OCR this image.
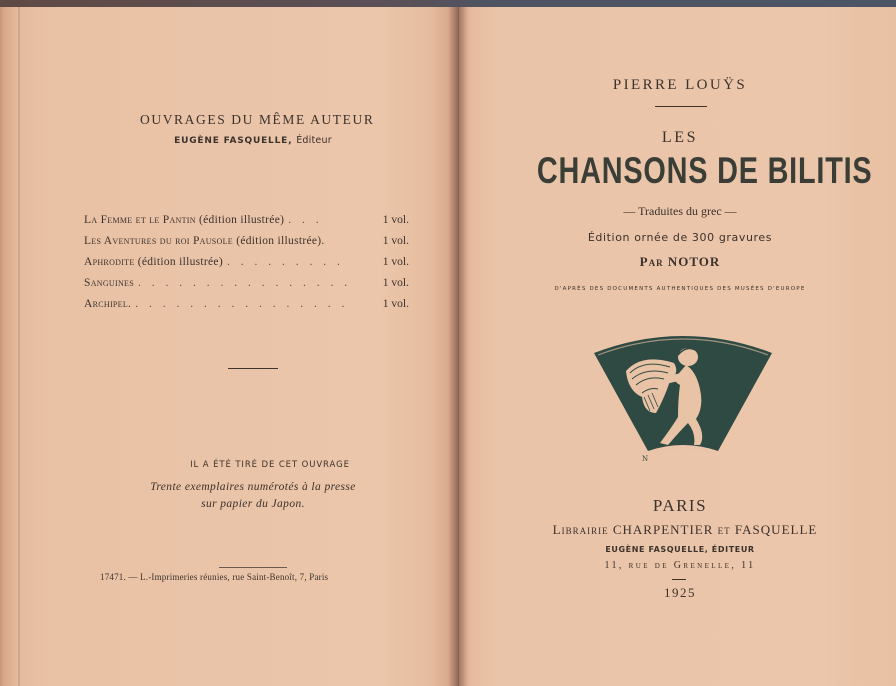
OUVRAGES DU MÊME AUTEUR
EUGÈNE FASQUELLE, Éditeur
La Femme et le Pantin (édition illustrée) . . .	1 vol.
Les Aventures du roi Pausole (édition illustrée).	1 vol.
Aphrodite (édition illustrée) . . . . . . . . .	1 vol.
Sanguines . . . . . . . . . . . . . . . .	1 vol.
Archipel. . . . . . . . . . . . . . . . .	1 vol.
IL A ÉTÉ TIRÉ DE CET OUVRAGE
Trente exemplaires numérotés à la presse
sur papier du Japon.
17471. — L.-Imprimeries réunies, rue Saint-Benoît, 7, Paris
PIERRE LOUŸS
LES
CHANSONS DE BILITIS
— Traduites du grec —
Édition ornée de 300 gravures
Par NOTOR
D'APRÈS DES DOCUMENTS AUTHENTIQUES DES MUSÉES D'EUROPE
N
PARIS
Librairie CHARPENTIER et FASQUELLE
EUGÈNE FASQUELLE, ÉDITEUR
11, rue de Grenelle, 11
1925
